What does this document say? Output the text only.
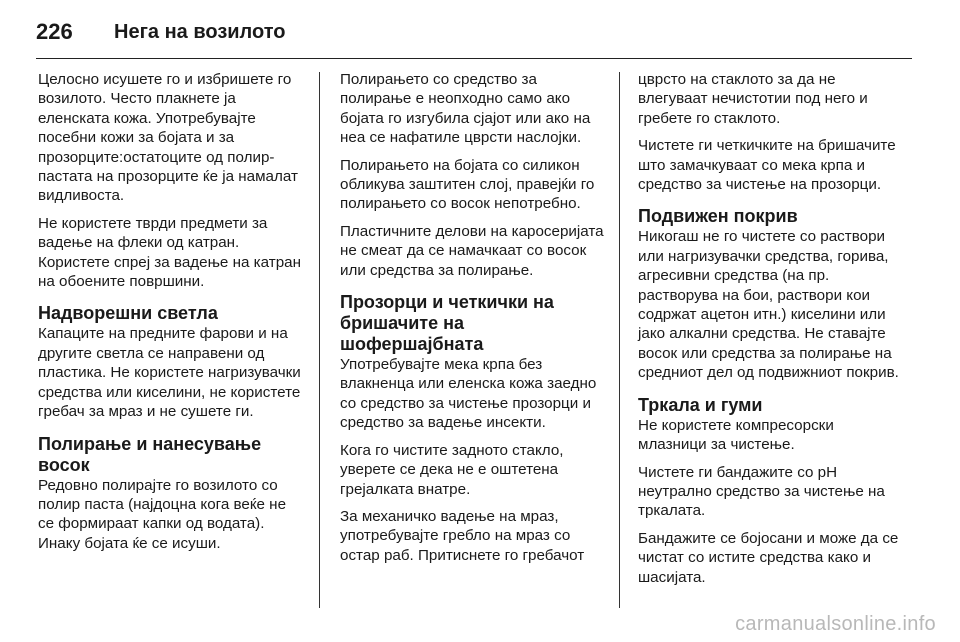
226	Нега на возилото

Целосно исушете го и избришете го возилото. Често плакнете ја еленската кожа. Употребувајте посебни кожи за бојата и за прозорците:остатоците од полир-пастата на прозорците ќе ја намалат видливоста.

Не користете тврди предмети за вадење на флеки од катран. Користете спреј за вадење на катран на обоените површини.

Надворешни светла

Капаците на предните фарови и на другите светла се направени од пластика. Не користете нагризувачки средства или киселини, не користете гребач за мраз и не сушете ги.

Полирање и нанесување восок

Редовно полирајте го возилото со полир паста (најдоцна кога веќе не се формираат капки од водата). Инаку бојата ќе се исуши.

Полирањето со средство за полирање е неопходно само ако бојата го изгубила сјајот или ако на неа се нафатиле цврсти наслојки.

Полирањето на бојата со силикон обликува заштитен слој, правејќи го полирањето со восок непотребно.

Пластичните делови на каросеријата не смеат да се намачкаат со восок или средства за полирање.

Прозорци и четкички на бришачите на шофершајбната

Употребувајте мека крпа без влакненца или еленска кожа заедно со средство за чистење прозорци и средство за вадење инсекти.

Кога го чистите задното стакло, уверете се дека не е оштетена грејалката внатре.

За механичко вадење на мраз, употребувајте гребло на мраз со остар раб. Притиснете го гребачот

цврсто на стаклото за да не влегуваат нечистотии под него и гребете го стаклото.

Чистете ги четкичките на бришачите што замачкуваат со мека крпа и средство за чистење на прозорци.

Подвижен покрив

Никогаш не го чистете со раствори или нагризувачки средства, горива, агресивни средства (на пр. растворува на бои, раствори кои содржат ацетон итн.) киселини или јако алкални средства. Не ставајте восок или средства за полирање на средниот дел од подвижниот покрив.

Тркала и гуми

Не користете компресорски млазници за чистење.

Чистете ги бандажите со pH неутрално средство за чистење на тркалата.

Бандажите се бојосани и може да се чистат со истите средства како и шасијата.

carmanualsonline.info
